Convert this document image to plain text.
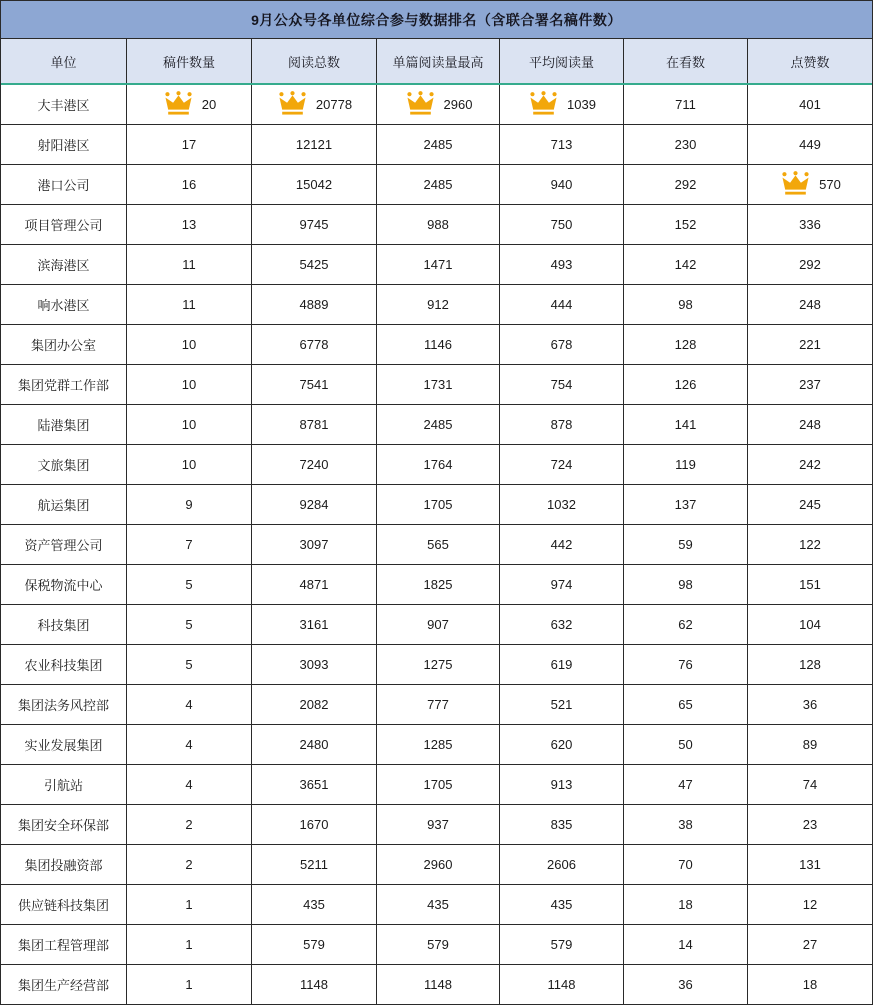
9月公众号各单位综合参与数据排名（含联合署名稿件数）
单位	稿件数量	阅读总数	单篇阅读量最高	平均阅读量	在看数	点赞数
大丰港区	20	20778	2960	1039	711	401
射阳港区	17	12121	2485	713	230	449
港口公司	16	15042	2485	940	292	570
项目管理公司	13	9745	988	750	152	336
滨海港区	11	5425	1471	493	142	292
响水港区	11	4889	912	444	98	248
集团办公室	10	6778	1146	678	128	221
集团党群工作部	10	7541	1731	754	126	237
陆港集团	10	8781	2485	878	141	248
文旅集团	10	7240	1764	724	119	242
航运集团	9	9284	1705	1032	137	245
资产管理公司	7	3097	565	442	59	122
保税物流中心	5	4871	1825	974	98	151
科技集团	5	3161	907	632	62	104
农业科技集团	5	3093	1275	619	76	128
集团法务风控部	4	2082	777	521	65	36
实业发展集团	4	2480	1285	620	50	89
引航站	4	3651	1705	913	47	74
集团安全环保部	2	1670	937	835	38	23
集团投融资部	2	5211	2960	2606	70	131
供应链科技集团	1	435	435	435	18	12
集团工程管理部	1	579	579	579	14	27
集团生产经营部	1	1148	1148	1148	36	18
